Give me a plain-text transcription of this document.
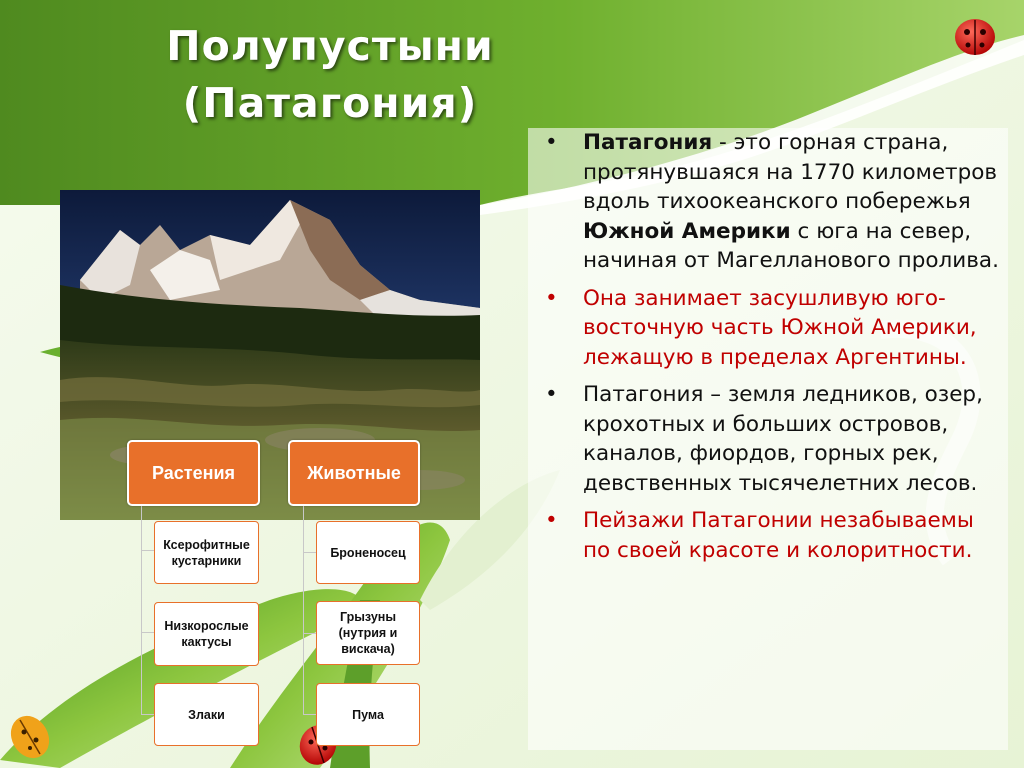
Полупустыни
(Патагония)
Растения	Животные
Ксерофитные кустарники
Низкорослые кактусы
Злаки
Броненосец
Грызуны (нутрия и вискача)
Пума
• Патагония - это горная страна, протянувшаяся на 1770 километров вдоль тихоокеанского побережья Южной Америки с юга на север, начиная от Магелланового пролива.
• Она занимает засушливую юго-восточную часть Южной Америки, лежащую в пределах Аргентины.
• Патагония – земля ледников, озер, крохотных и больших островов, каналов, фиордов, горных рек, девственных тысячелетних лесов.
• Пейзажи Патагонии незабываемы по своей красоте и колоритности.
